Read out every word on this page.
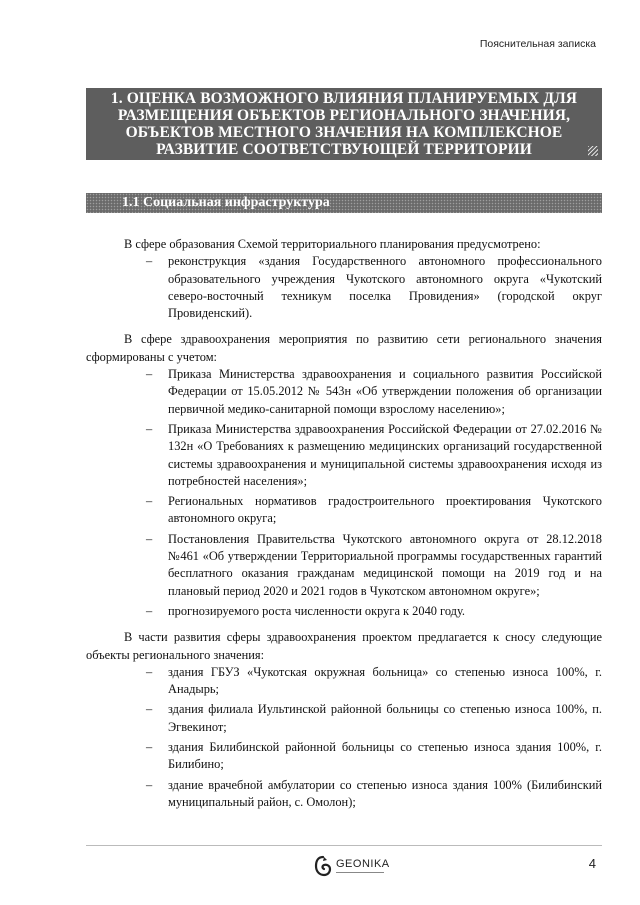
Пояснительная записка
1. ОЦЕНКА ВОЗМОЖНОГО ВЛИЯНИЯ ПЛАНИРУЕМЫХ ДЛЯ
РАЗМЕЩЕНИЯ ОБЪЕКТОВ РЕГИОНАЛЬНОГО ЗНАЧЕНИЯ,
ОБЪЕКТОВ МЕСТНОГО ЗНАЧЕНИЯ НА КОМПЛЕКСНОЕ
РАЗВИТИЕ СООТВЕТСТВУЮЩЕЙ ТЕРРИТОРИИ
1.1 Социальная инфраструктура

В сфере образования Схемой территориального планирования предусмотрено:

– реконструкция «здания Государственного автономного профессионального образовательного учреждения Чукотского автономного округа «Чукотский северо-восточный техникум поселка Провидения» (городской округ Провиденский).

В сфере здравоохранения мероприятия по развитию сети регионального значения сформированы с учетом:

– Приказа Министерства здравоохранения и социального развития Российской Федерации от 15.05.2012 № 543н «Об утверждении положения об организации первичной медико-санитарной помощи взрослому населению»;
– Приказа Министерства здравоохранения Российской Федерации от 27.02.2016 № 132н «О Требованиях к размещению медицинских организаций государственной системы здравоохранения и муниципальной системы здравоохранения исходя из потребностей населения»;
– Региональных нормативов градостроительного проектирования Чукотского автономного округа;
– Постановления Правительства Чукотского автономного округа от 28.12.2018 №461 «Об утверждении Территориальной программы государственных гарантий бесплатного оказания гражданам медицинской помощи на 2019 год и на плановый период 2020 и 2021 годов в Чукотском автономном округе»;
– прогнозируемого роста численности округа к 2040 году.

В части развития сферы здравоохранения проектом предлагается к сносу следующие объекты регионального значения:

– здания ГБУЗ «Чукотская окружная больница» со степенью износа 100%, г. Анадырь;
– здания филиала Иультинской районной больницы со степенью износа 100%, п. Эгвекинот;
– здания Билибинской районной больницы со степенью износа здания 100%, г. Билибино;
– здание врачебной амбулатории со степенью износа здания 100% (Билибинский муниципальный район, с. Омолон);
GEONIKA	4
